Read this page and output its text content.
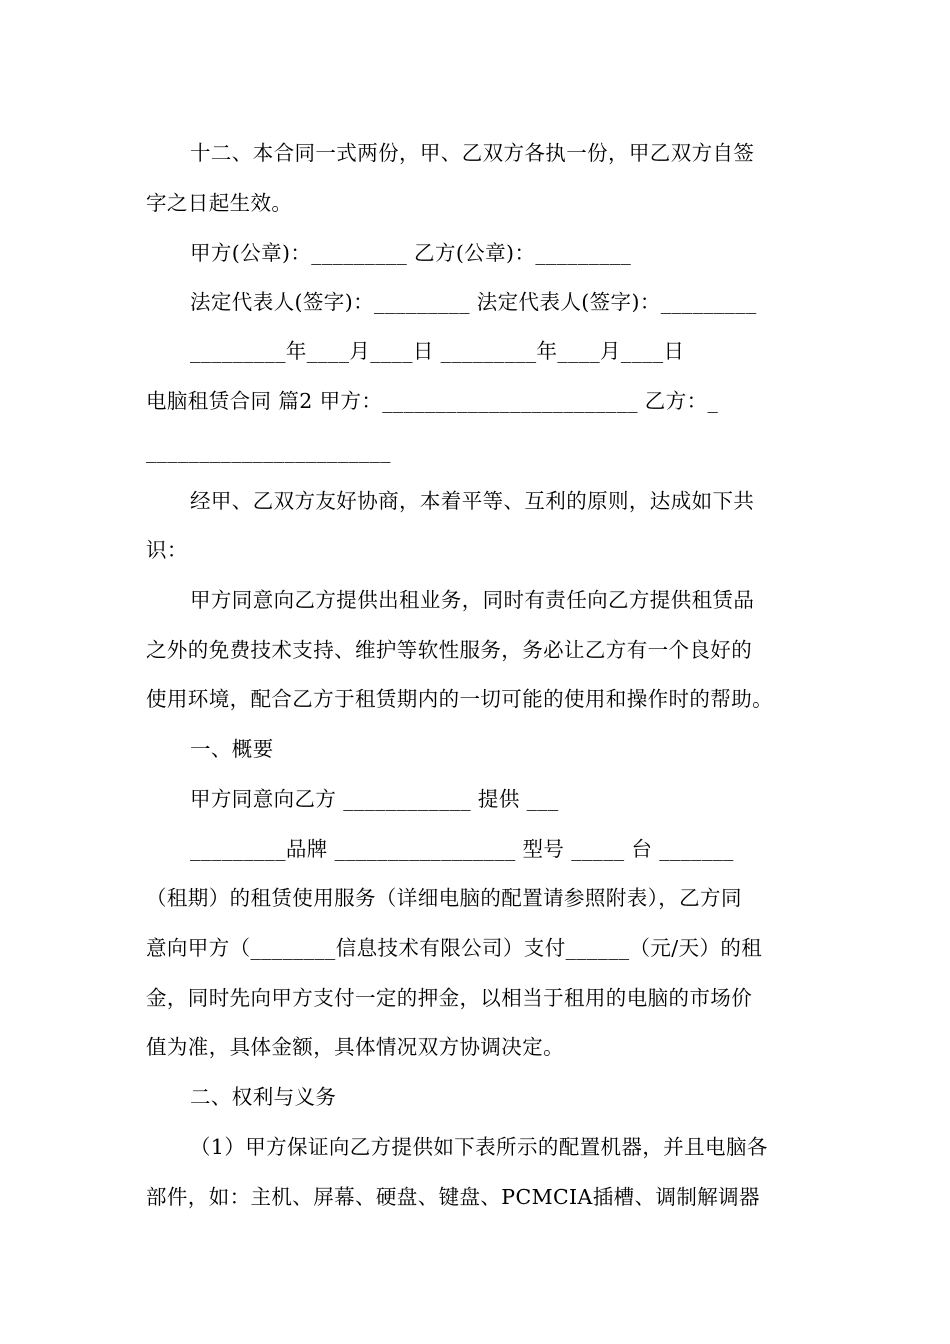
十二、本合同一式两份，甲、乙双方各执一份，甲乙双方自签
字之日起生效。
甲方(公章)：_________ 乙方(公章)：_________
法定代表人(签字)：_________ 法定代表人(签字)：_________
_________年____月____日 _________年____月____日
电脑租赁合同 篇2 甲方：________________________ 乙方：_
_______________________
经甲、乙双方友好协商，本着平等、互利的原则，达成如下共
识：
甲方同意向乙方提供出租业务，同时有责任向乙方提供租赁品
之外的免费技术支持、维护等软性服务，务必让乙方有一个良好的
使用环境，配合乙方于租赁期内的一切可能的使用和操作时的帮助。
一、概要
甲方同意向乙方 ____________ 提供 ___
_________品牌 _________________ 型号 _____ 台 _______
（租期）的租赁使用服务（详细电脑的配置请参照附表），乙方同
意向甲方（________信息技术有限公司）支付______（元/天）的租
金，同时先向甲方支付一定的押金，以相当于租用的电脑的市场价
值为准，具体金额，具体情况双方协调决定。
二、权利与义务
（1）甲方保证向乙方提供如下表所示的配置机器，并且电脑各
部件，如：主机、屏幕、硬盘、键盘、PCMCIA插槽、调制解调器
